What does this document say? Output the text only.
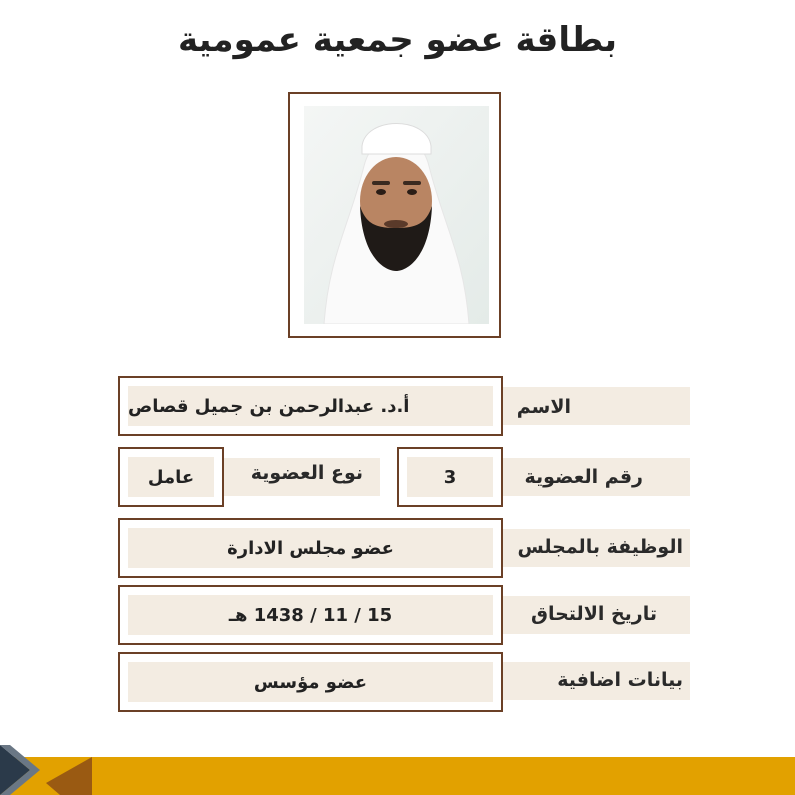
بطاقة عضو جمعية عمومية
الاسم
أ.د. عبدالرحمن بن جميل قصاص
رقم العضوية
3
نوع العضوية
عامل
الوظيفة بالمجلس
عضو مجلس الادارة
تاريخ الالتحاق
15 / 11 / 1438 هـ
بيانات اضافية
عضو مؤسس
